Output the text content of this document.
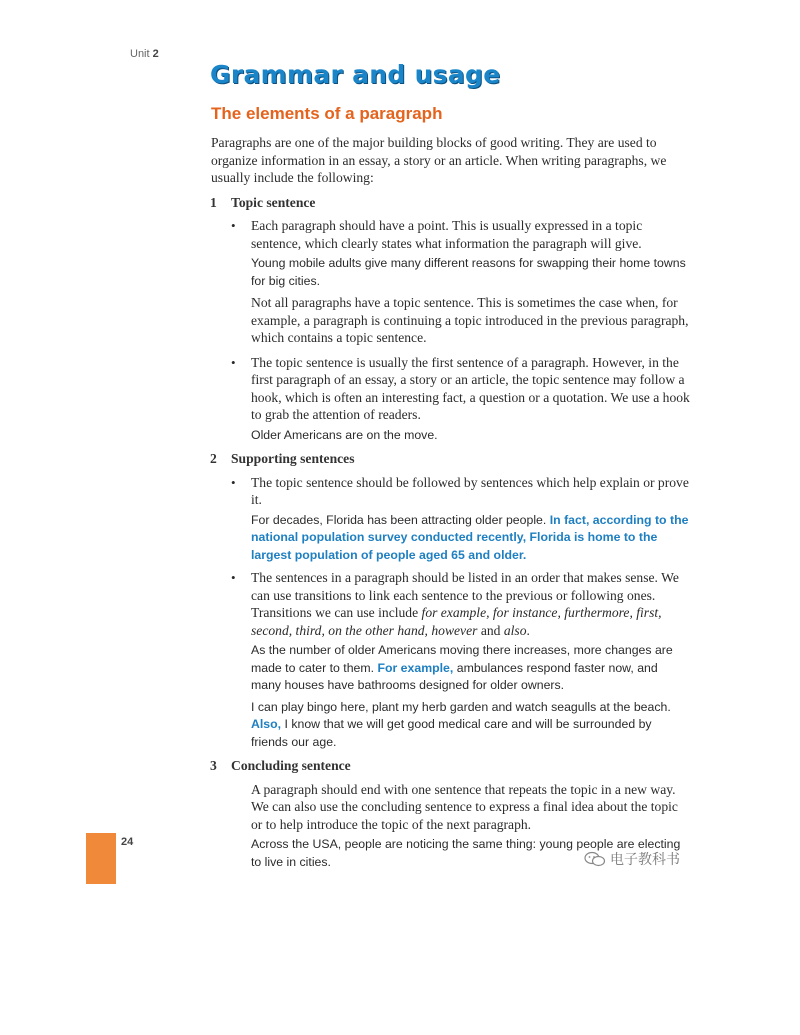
Unit 2
Grammar and usage
The elements of a paragraph

Paragraphs are one of the major building blocks of good writing. They are used to organize information in an essay, a story or an article. When writing paragraphs, we usually include the following:

1 Topic sentence
• Each paragraph should have a point. This is usually expressed in a topic sentence, which clearly states what information the paragraph will give.

Young mobile adults give many different reasons for swapping their home towns for big cities.

Not all paragraphs have a topic sentence. This is sometimes the case when, for example, a paragraph is continuing a topic introduced in the previous paragraph, which contains a topic sentence.

• The topic sentence is usually the first sentence of a paragraph. However, in the first paragraph of an essay, a story or an article, the topic sentence may follow a hook, which is often an interesting fact, a question or a quotation. We use a hook to grab the attention of readers.

Older Americans are on the move.

2 Supporting sentences
• The topic sentence should be followed by sentences which help explain or prove it.

For decades, Florida has been attracting older people. In fact, according to the national population survey conducted recently, Florida is home to the largest population of people aged 65 and older.

• The sentences in a paragraph should be listed in an order that makes sense. We can use transitions to link each sentence to the previous or following ones. Transitions we can use include for example, for instance, furthermore, first, second, third, on the other hand, however and also.

As the number of older Americans moving there increases, more changes are made to cater to them. For example, ambulances respond faster now, and many houses have bathrooms designed for older owners.

I can play bingo here, plant my herb garden and watch seagulls at the beach. Also, I know that we will get good medical care and will be surrounded by friends our age.

3 Concluding sentence

A paragraph should end with one sentence that repeats the topic in a new way. We can also use the concluding sentence to express a final idea about the topic or to help introduce the topic of the next paragraph.

Across the USA, people are noticing the same thing: young people are electing to live in cities.

24
电子教科书
